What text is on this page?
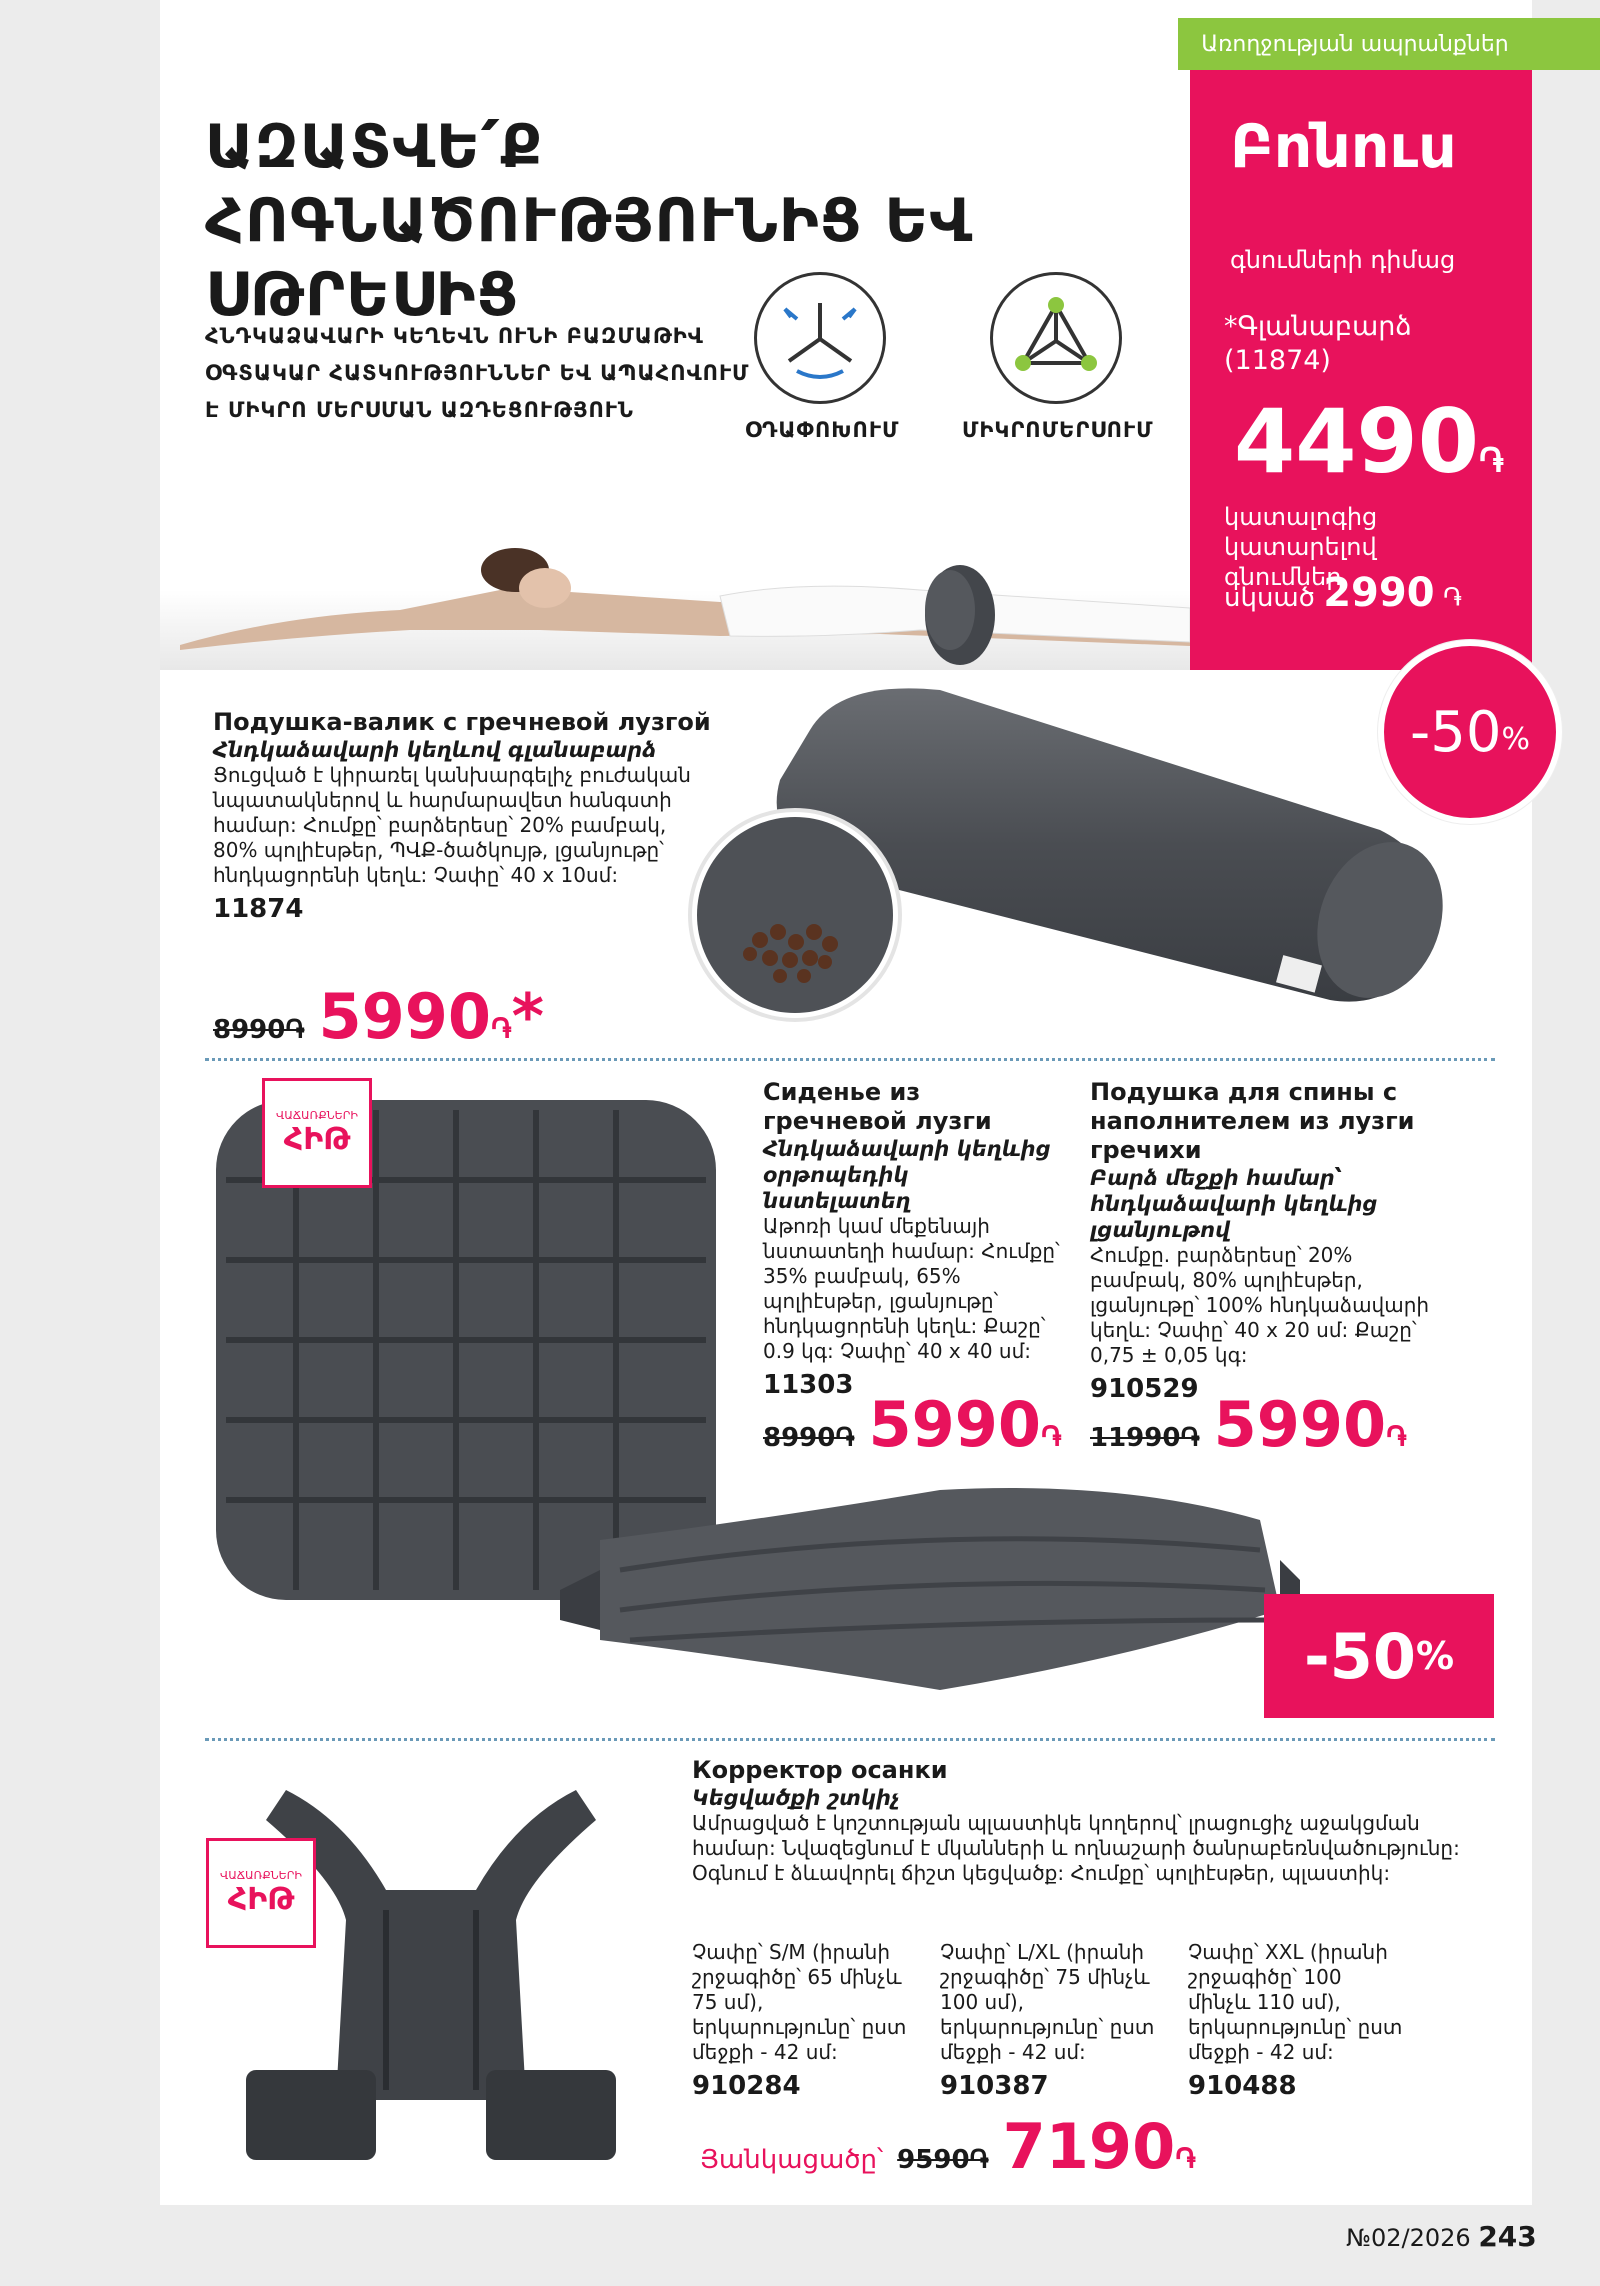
Առողջության ապրանքներ
ԱԶԱՏՎԵ՛Ք ՀՈԳՆԱԾՈՒԹՅՈՒՆԻՑ ԵՎ ՍԹՐԵՍԻՑ
ՀՆԴԿԱՁԱՎԱՐԻ ԿԵՂԵՎՆ ՈՒՆԻ ԲԱԶՄԱԹԻՎ ՕԳՏԱԿԱՐ ՀԱՏԿՈՒԹՅՈՒՆՆԵՐ ԵՎ ԱՊԱՀՈՎՈՒՄ Է ՄԻԿՐՈ ՄԵՐՍՄԱՆ ԱԶԴԵՑՈՒԹՅՈՒՆ
ՕԴԱՓՈԽՈՒՄ	ՄԻԿՐՈՄԵՐՍՈՒՄ
Բոնուս
գնումների դիմաց
*Գլանաբարձ (11874)
4490֏
կատալոգից կատարելով գնումներ
սկսած 2990 ֏
-50 %
Подушка-валик с гречневой лузгой
Հնդկաձավարի կեղևով գլանաբարձ
Ցուցված է կիրառել կանխարգելիչ բուժական նպատակներով և հարմարավետ հանգստի համար: Հումքը՝ բարձերեսը՝ 20% բամբակ, 80% պոլիէսթեր, ՊՎՔ-ծածկույթ, լցանյութը՝ հնդկացորենի կեղև: Չափը՝ 40 x 10սմ:
11874
8990֏ 5990֏*
ՎԱՃԱՌՔՆԵՐԻ
ՀԻԹ
Сиденье из гречневой лузги
Հնդկաձավարի կեղևից օրթոպեդիկ նստելատեղ
Աթոռի կամ մեքենայի նստատեղի համար: Հումքը՝ 35% բամբակ, 65% պոլիէսթեր, լցանյութը՝ հնդկացորենի կեղև: Քաշը՝ 0.9 կգ: Չափը՝ 40 x 40 սմ:
11303
8990֏ 5990֏
Подушка для спины с наполнителем из лузги гречихи
Բարձ մեջքի համար՝ հնդկաձավարի կեղևից լցանյութով
Հումքը. բարձերեսը՝ 20% բամբակ, 80% պոլիէսթեր, լցանյութը՝ 100% հնդկաձավարի կեղև: Չափը՝ 40 x 20 սմ: Քաշը՝ 0,75 ± 0,05 կգ:
910529
11990֏ 5990֏
-50 %
ՎԱՃԱՌՔՆԵՐԻ
ՀԻԹ
Корректор осанки
Կեցվածքի շտկիչ
Ամրացված է կոշտության պլաստիկե կողերով՝ լրացուցիչ աջակցման համար: Նվազեցնում է մկանների և ողնաշարի ծանրաբեռնվածությունը: Օգնում է ձևավորել ճիշտ կեցվածք: Հումքը՝ պոլիէսթեր, պլաստիկ:
Չափը՝ S/M (իրանի շրջագիծը՝ 65 մինչև 75 սմ), երկարությունը՝ ըստ մեջքի - 42 սմ:
910284
Չափը՝ L/XL (իրանի շրջագիծը՝ 75 մինչև 100 սմ), երկարությունը՝ ըստ մեջքի - 42 սմ:
910387
Չափը՝ XXL (իրանի շրջագիծը՝ 100 մինչև 110 սմ), երկարությունը՝ ըստ մեջքի - 42 սմ:
910488
Յանկացածը՝ 9590֏ 7190֏
№02/2026 243
